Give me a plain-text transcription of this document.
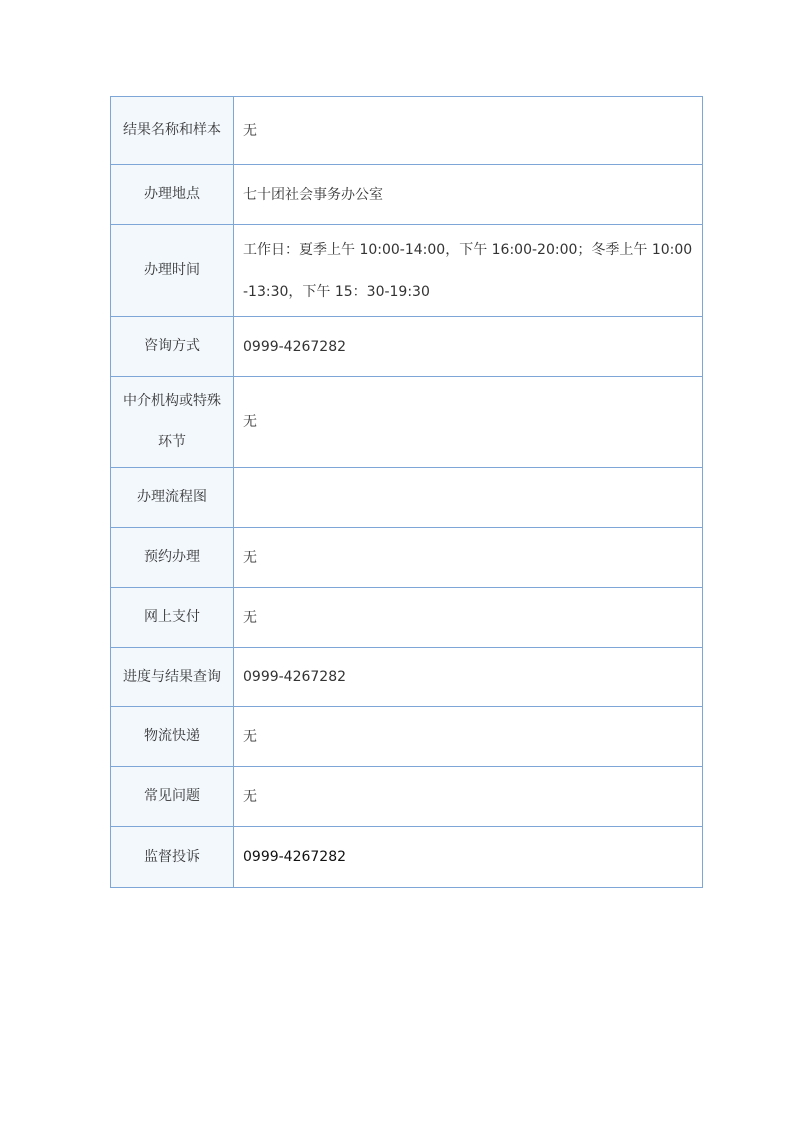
结果名称和样本	无
办理地点	七十团社会事务办公室
办理时间	工作日：夏季上午 10:00-14:00，下午 16:00-20:00；冬季上午 10:00-13:30，下午 15：30-19:30
咨询方式	0999-4267282
中介机构或特殊环节	无
办理流程图	
预约办理	无
网上支付	无
进度与结果查询	0999-4267282
物流快递	无
常见问题	无
监督投诉	0999-4267282
